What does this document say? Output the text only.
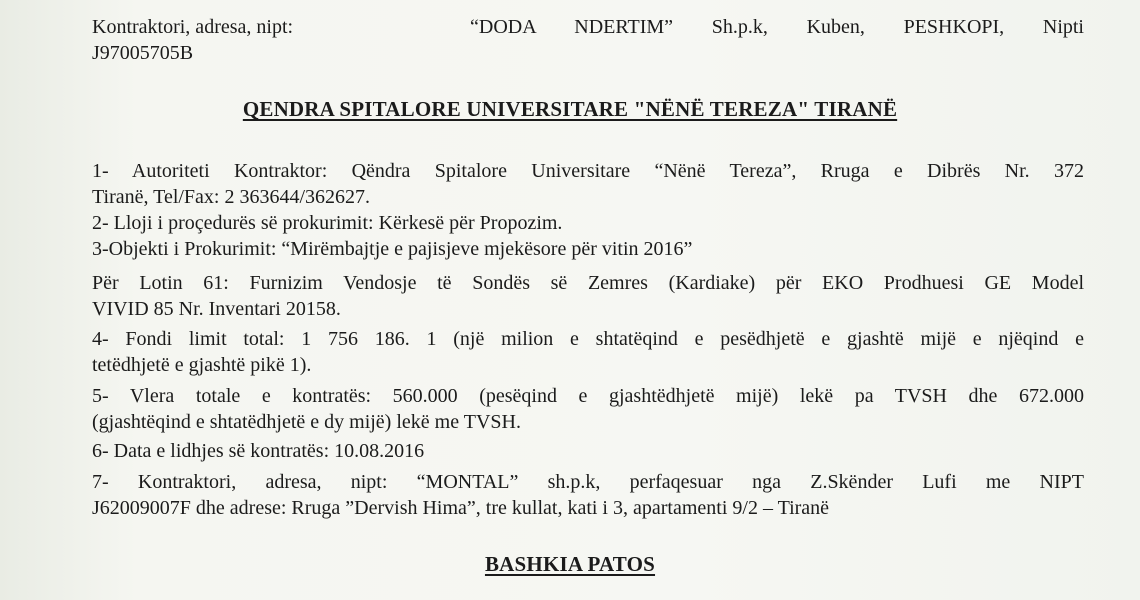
Kontraktori, adresa, nipt:	“DODA NDERTIM” Sh.p.k, Kuben, PESHKOPI, Nipti
J97005705B
QENDRA SPITALORE UNIVERSITARE "NËNË TEREZA" TIRANË
1- Autoriteti Kontraktor: Qëndra Spitalore Universitare “Nënë Tereza”, Rruga e Dibrës Nr. 372
Tiranë, Tel/Fax: 2 363644/362627.
2- Lloji i proçedurës së prokurimit: Kërkesë për Propozim.
3-Objekti i Prokurimit: “Mirëmbajtje e pajisjeve mjekësore për vitin 2016”
Për Lotin 61: Furnizim Vendosje të Sondës së Zemres (Kardiake) për EKO Prodhuesi GE Model
VIVID 85 Nr. Inventari 20158.
4- Fondi limit total: 1 756 186. 1 (një milion e shtatëqind e pesëdhjetë e gjashtë mijë e njëqind e
tetëdhjetë e gjashtë pikë 1).
5- Vlera totale e kontratës: 560.000 (pesëqind e gjashtëdhjetë mijë) lekë pa TVSH dhe 672.000
(gjashtëqind e shtatëdhjetë e dy mijë) lekë me TVSH.
6- Data e lidhjes së kontratës: 10.08.2016
7- Kontraktori, adresa, nipt: “MONTAL” sh.p.k, perfaqesuar nga Z.Skënder Lufi me NIPT
J62009007F dhe adrese: Rruga ”Dervish Hima”, tre kullat, kati i 3, apartamenti 9/2 – Tiranë
BASHKIA PATOS
